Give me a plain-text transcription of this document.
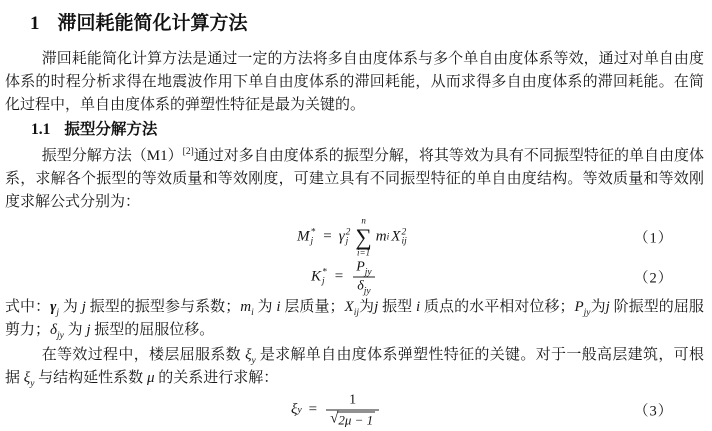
1 滞回耗能简化计算方法

滞回耗能简化计算方法是通过一定的方法将多自由度体系与多个单自由度体系等效，通过对单自由度体系的时程分析求得在地震波作用下单自由度体系的滞回耗能，从而求得多自由度体系的滞回耗能。在简化过程中，单自由度体系的弹塑性特征是最为关键的。

1.1 振型分解方法

振型分解方法（M1）[2]通过对多自由度体系的振型分解，将其等效为具有不同振型特征的单自由度体系，求解各个振型的等效质量和等效刚度，可建立具有不同振型特征的单自由度结构。等效质量和等效刚度求解公式分别为：

M *
j = γ 2
j
n
∑
i=1
m i X 2
ij	（1）
K *
$j = \frac{P_{jy}}{\delta_{jy}}$	（2）

式中：$\gamma_j$ 为 j 振型的振型参与系数；$m_i$ 为 i 层质量；$X_{ij}$为j 振型 i 质点的水平相对位移；$P_{jy}$为j 阶振型的屈服剪力；$\delta_{jy}$ 为 j 振型的屈服位移。

在等效过程中，楼层屈服系数 $\xi_y$ 是求解单自由度体系弹塑性特征的关键。对于一般高层建筑，可根据 $\xi_y$ 与结构延性系数 μ 的关系进行求解：

ξ $y = \frac{1}{√ 2\mu - 1}$	（3）
